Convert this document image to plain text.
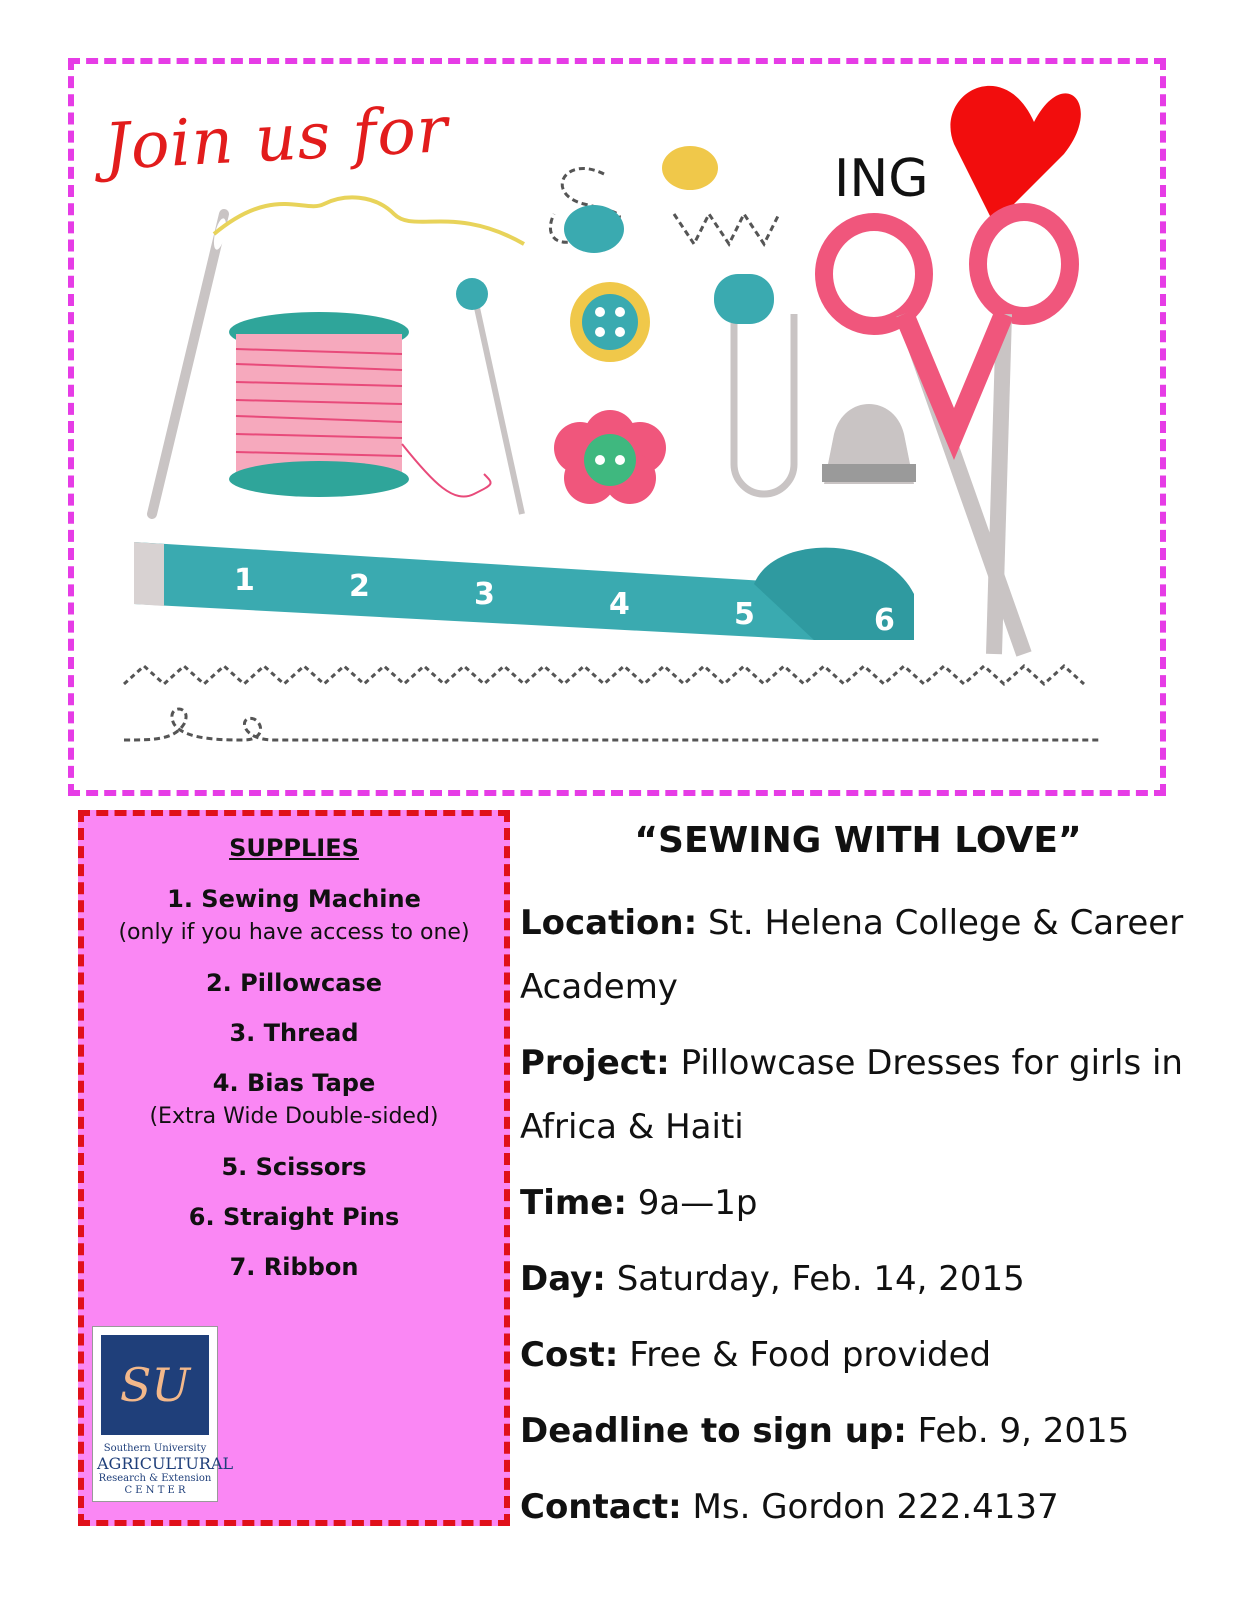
ING
1	2	3	4	5	6
Join us for
SUPPLIES
1. Sewing Machine
(only if you have access to one)
2. Pillowcase
3. Thread
4. Bias Tape
(Extra Wide Double-sided)
5. Scissors
6. Straight Pins
7. Ribbon
SU
Southern University
AGRICULTURAL
Research & Extension
C E N T E R
“SEWING WITH LOVE”
Location: St. Helena College & Career Academy
Project: Pillowcase Dresses for girls in Africa & Haiti
Time: 9a—1p
Day: Saturday, Feb. 14, 2015
Cost: Free & Food provided
Deadline to sign up: Feb. 9, 2015
Contact: Ms. Gordon 222.4137
